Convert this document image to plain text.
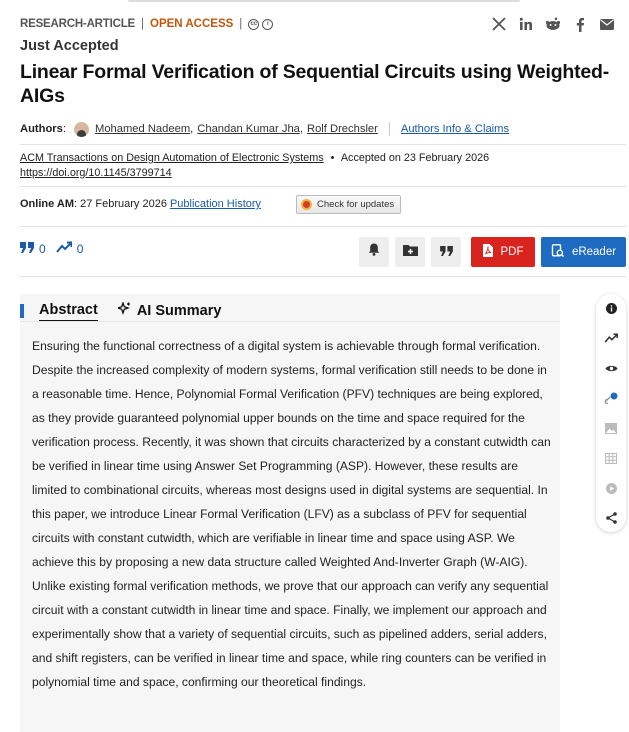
RESEARCH-ARTICLE | OPEN ACCESS |	cc	i
Just Accepted
Linear Formal Verification of Sequential Circuits using Weighted-AIGs
Authors :	Mohamed Nadeem , Chandan Kumar Jha , Rolf Drechsler Authors Info & Claims
ACM Transactions on Design Automation of Electronic Systems • Accepted on 23 February 2026
https://doi.org/10.1145/3799714
Online AM : 27 February 2026 Publication History	Check for updates
0	0	PDF	eReader
Abstract	AI Summary

Ensuring the functional correctness of a digital system is achievable through formal verification. Despite the increased complexity of modern systems, formal verification still needs to be done in a reasonable time. Hence, Polynomial Formal Verification (PFV) techniques are being explored, as they provide guaranteed polynomial upper bounds on the time and space required for the verification process. Recently, it was shown that circuits characterized by a constant cutwidth can be verified in linear time using Answer Set Programming (ASP). However, these results are limited to combinational circuits, whereas most designs used in digital systems are sequential. In this paper, we introduce Linear Formal Verification (LFV) as a subclass of PFV for sequential circuits with constant cutwidth, which are verifiable in linear time and space using ASP. We achieve this by proposing a new data structure called Weighted And-Inverter Graph (W-AIG). Unlike existing formal verification methods, we prove that our approach can verify any sequential circuit with a constant cutwidth in linear time and space. Finally, we implement our approach and experimentally show that a variety of sequential circuits, such as pipelined adders, serial adders, and shift registers, can be verified in linear time and space, while ring counters can be verified in polynomial time and space, confirming our theoretical findings.

47
